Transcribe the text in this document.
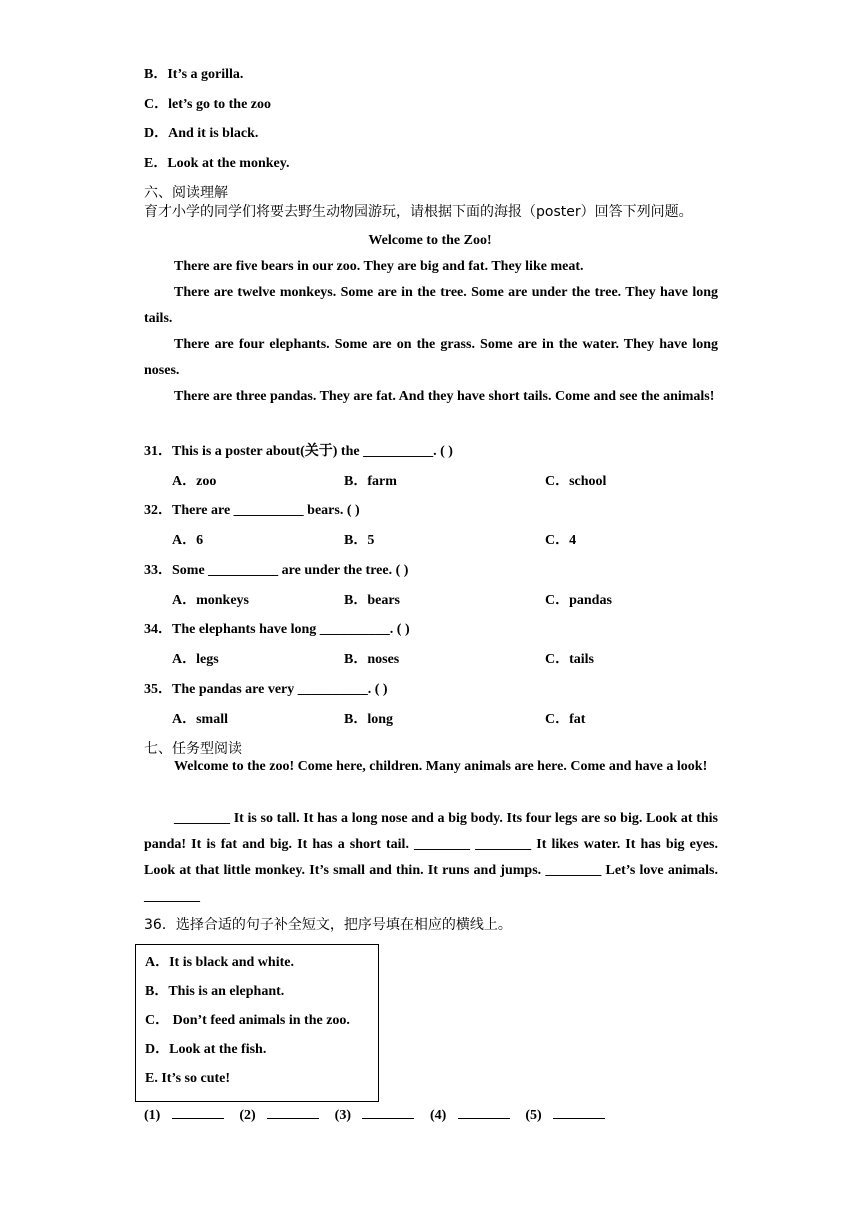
B．It’s a gorilla.
C．let’s go to the zoo
D．And it is black.
E．Look at the monkey.
六、阅读理解
育才小学的同学们将要去野生动物园游玩，请根据下面的海报（poster）回答下列问题。
Welcome to the Zoo!
There are five bears in our zoo. They are big and fat. They like meat.
There are twelve monkeys. Some are in the tree. Some are under the tree. They have long tails.
There are four elephants. Some are on the grass. Some are in the water. They have long noses.
There are three pandas. They are fat. And they have short tails. Come and see the animals!
31．This is a poster about(关于) the __________. ( )
A．zoo	B．farm	C．school
32．There are __________ bears. ( )
A．6	B．5	C．4
33．Some __________ are under the tree. ( )
A．monkeys	B．bears	C．pandas
34．The elephants have long __________. ( )
A．legs	B．noses	C．tails
35．The pandas are very __________. ( )
A．small	B．long	C．fat
七、任务型阅读
Welcome to the zoo! Come here, children. Many animals are here. Come and have a look!
________ It is so tall. It has a long nose and a big body. Its four legs are so big. Look at this panda! It is fat and big. It has a short tail. ________ ________ It likes water. It has big eyes. Look at that little monkey. It’s small and thin. It runs and jumps. ________ Let’s love animals. ________
36．选择合适的句子补全短文，把序号填在相应的横线上。
A．It is black and white.
B．This is an elephant.
C． Don’t feed animals in the zoo.
D．Look at the fish.
E. It’s so cute!
(1)	(2)	(3)	(4)	(5)
